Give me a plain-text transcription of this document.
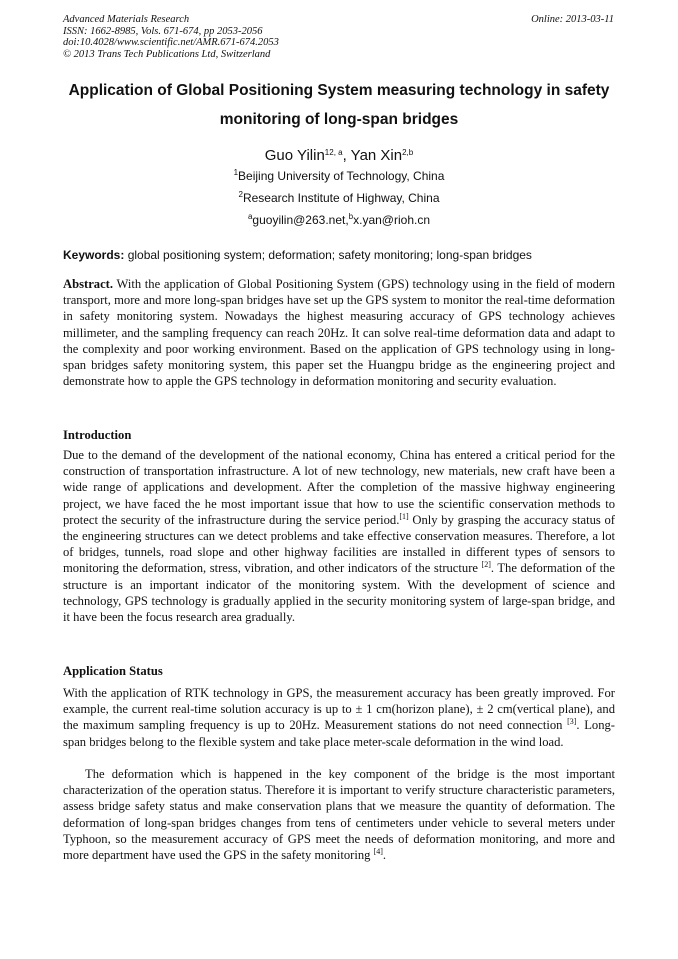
Advanced Materials Research
ISSN: 1662-8985, Vols. 671-674, pp 2053-2056
doi:10.4028/www.scientific.net/AMR.671-674.2053
© 2013 Trans Tech Publications Ltd, Switzerland
Online: 2013-03-11
Application of Global Positioning System measuring technology in safety monitoring of long-span bridges
Guo Yilin$^{12, a}$, Yan Xin$^{2,b}$
$^1$Beijing University of Technology, China
$^2$Research Institute of Highway, China
$^a$guoyilin@263.net,$^b$x.yan@rioh.cn
Keywords: global positioning system; deformation; safety monitoring; long-span bridges

Abstract. With the application of Global Positioning System (GPS) technology using in the field of modern transport, more and more long-span bridges have set up the GPS system to monitor the real-time deformation in safety monitoring system. Nowadays the highest measuring accuracy of GPS technology achieves millimeter, and the sampling frequency can reach 20Hz. It can solve real-time deformation data and adapt to the complexity and poor working environment. Based on the application of GPS technology using in long-span bridges safety monitoring system, this paper set the Huangpu bridge as the engineering project and demonstrate how to apple the GPS technology in deformation monitoring and security evaluation.

Introduction

Due to the demand of the development of the national economy, China has entered a critical period for the construction of transportation infrastructure. A lot of new technology, new materials, new craft have been a wide range of applications and development. After the completion of the massive highway engineering project, we have faced the he most important issue that how to use the scientific conservation methods to protect the security of the infrastructure during the service period.[1] Only by grasping the accuracy status of the engineering structures can we detect problems and take effective conservation measures. Therefore, a lot of bridges, tunnels, road slope and other highway facilities are installed in different types of sensors to monitoring the deformation, stress, vibration, and other indicators of the structure [2]. The deformation of the structure is an important indicator of the monitoring system. With the development of science and technology, GPS technology is gradually applied in the security monitoring system of large-span bridge, and it have been the focus research area gradually.

Application Status

With the application of RTK technology in GPS, the measurement accuracy has been greatly improved. For example, the current real-time solution accuracy is up to ± 1 cm(horizon plane), ± 2 cm(vertical plane), and the maximum sampling frequency is up to 20Hz. Measurement stations do not need connection [3]. Long-span bridges belong to the flexible system and take place meter-scale deformation in the wind load.

The deformation which is happened in the key component of the bridge is the most important characterization of the operation status. Therefore it is important to verify structure characteristic parameters, assess bridge safety status and make conservation plans that we measure the quantity of deformation. The deformation of long-span bridges changes from tens of centimeters under vehicle to several meters under Typhoon, so the measurement accuracy of GPS meet the needs of deformation monitoring, and more and more department have used the GPS in the safety monitoring [4].
